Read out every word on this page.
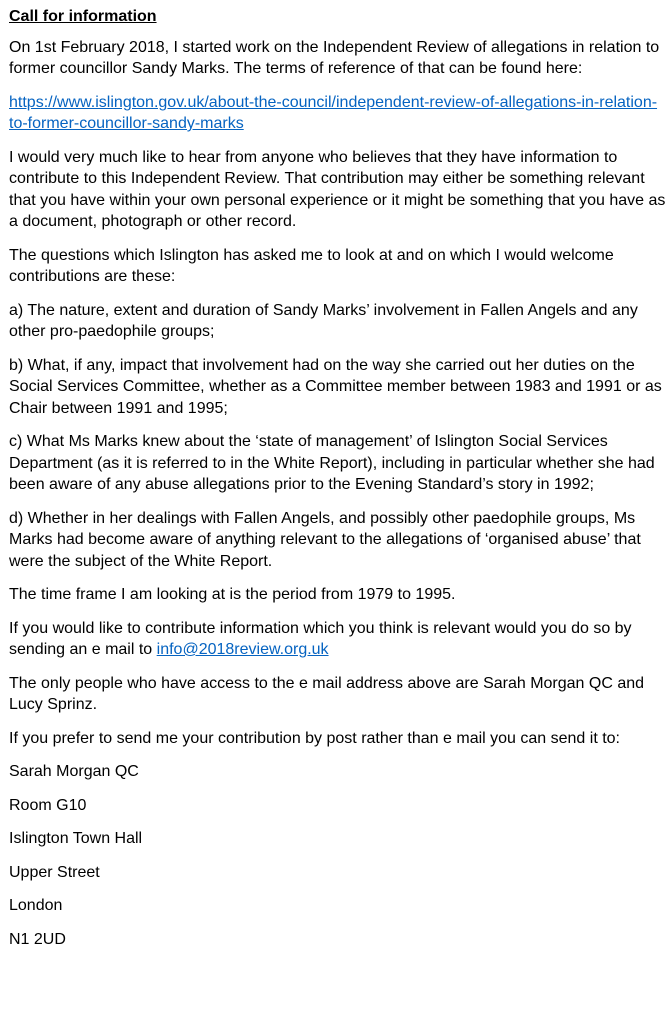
Call for information

On 1st February 2018, I started work on the Independent Review of allegations in relation to former councillor Sandy Marks. The terms of reference of that can be found here:

https://www.islington.gov.uk/about-the-council/independent-review-of-allegations-in-relation-to-former-councillor-sandy-marks

I would very much like to hear from anyone who believes that they have information to contribute to this Independent Review. That contribution may either be something relevant that you have within your own personal experience or it might be something that you have as a document, photograph or other record.

The questions which Islington has asked me to look at and on which I would welcome contributions are these:

a) The nature, extent and duration of Sandy Marks’ involvement in Fallen Angels and any other pro-paedophile groups;

b) What, if any, impact that involvement had on the way she carried out her duties on the Social Services Committee, whether as a Committee member between 1983 and 1991 or as Chair between 1991 and 1995;

c) What Ms Marks knew about the ‘state of management’ of Islington Social Services Department (as it is referred to in the White Report), including in particular whether she had been aware of any abuse allegations prior to the Evening Standard’s story in 1992;

d) Whether in her dealings with Fallen Angels, and possibly other paedophile groups, Ms Marks had become aware of anything relevant to the allegations of ‘organised abuse’ that were the subject of the White Report.

The time frame I am looking at is the period from 1979 to 1995.

If you would like to contribute information which you think is relevant would you do so by sending an e mail to info@2018review.org.uk

The only people who have access to the e mail address above are Sarah Morgan QC and Lucy Sprinz.

If you prefer to send me your contribution by post rather than e mail you can send it to:

Sarah Morgan QC

Room G10

Islington Town Hall

Upper Street

London

N1 2UD
